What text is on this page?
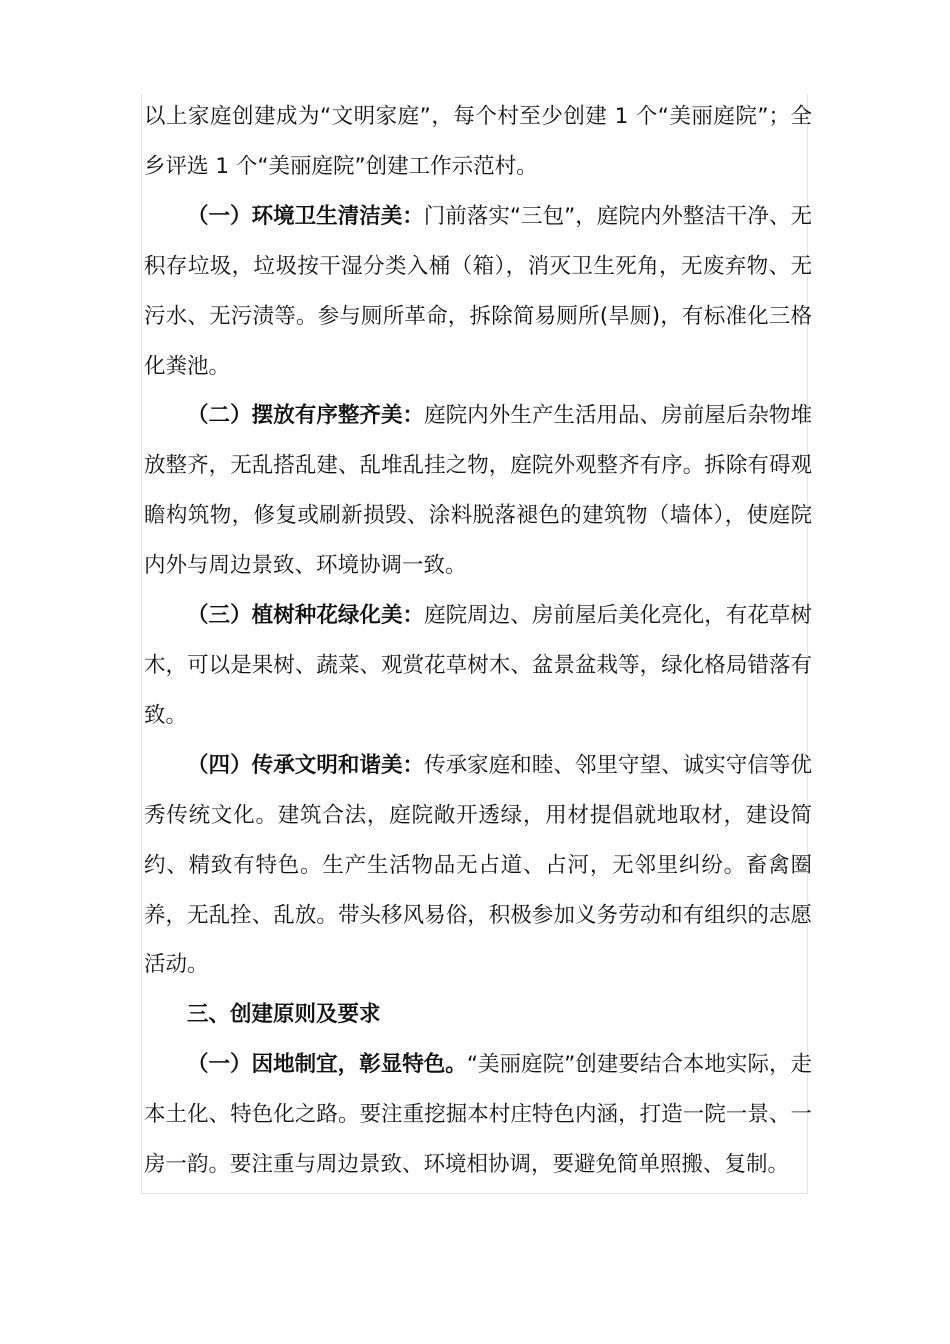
以上家庭创建成为“文明家庭”，每个村至少创建 1 个“美丽庭院”；全乡评选 1 个“美丽庭院”创建工作示范村。

（一）环境卫生清洁美：门前落实“三包”，庭院内外整洁干净、无积存垃圾，垃圾按干湿分类入桶（箱），消灭卫生死角，无废弃物、无污水、无污渍等。参与厕所革命，拆除简易厕所(旱厕)，有标准化三格化粪池。

（二）摆放有序整齐美：庭院内外生产生活用品、房前屋后杂物堆放整齐，无乱搭乱建、乱堆乱挂之物，庭院外观整齐有序。拆除有碍观瞻构筑物，修复或刷新损毁、涂料脱落褪色的建筑物（墙体），使庭院内外与周边景致、环境协调一致。

（三）植树种花绿化美：庭院周边、房前屋后美化亮化，有花草树木，可以是果树、蔬菜、观赏花草树木、盆景盆栽等，绿化格局错落有致。

（四）传承文明和谐美：传承家庭和睦、邻里守望、诚实守信等优秀传统文化。建筑合法，庭院敞开透绿，用材提倡就地取材，建设简约、精致有特色。生产生活物品无占道、占河，无邻里纠纷。畜禽圈养，无乱拴、乱放。带头移风易俗，积极参加义务劳动和有组织的志愿活动。

三、创建原则及要求

（一）因地制宜，彰显特色。“美丽庭院”创建要结合本地实际，走本土化、特色化之路。要注重挖掘本村庄特色内涵，打造一院一景、一房一韵。要注重与周边景致、环境相协调，要避免简单照搬、复制。
